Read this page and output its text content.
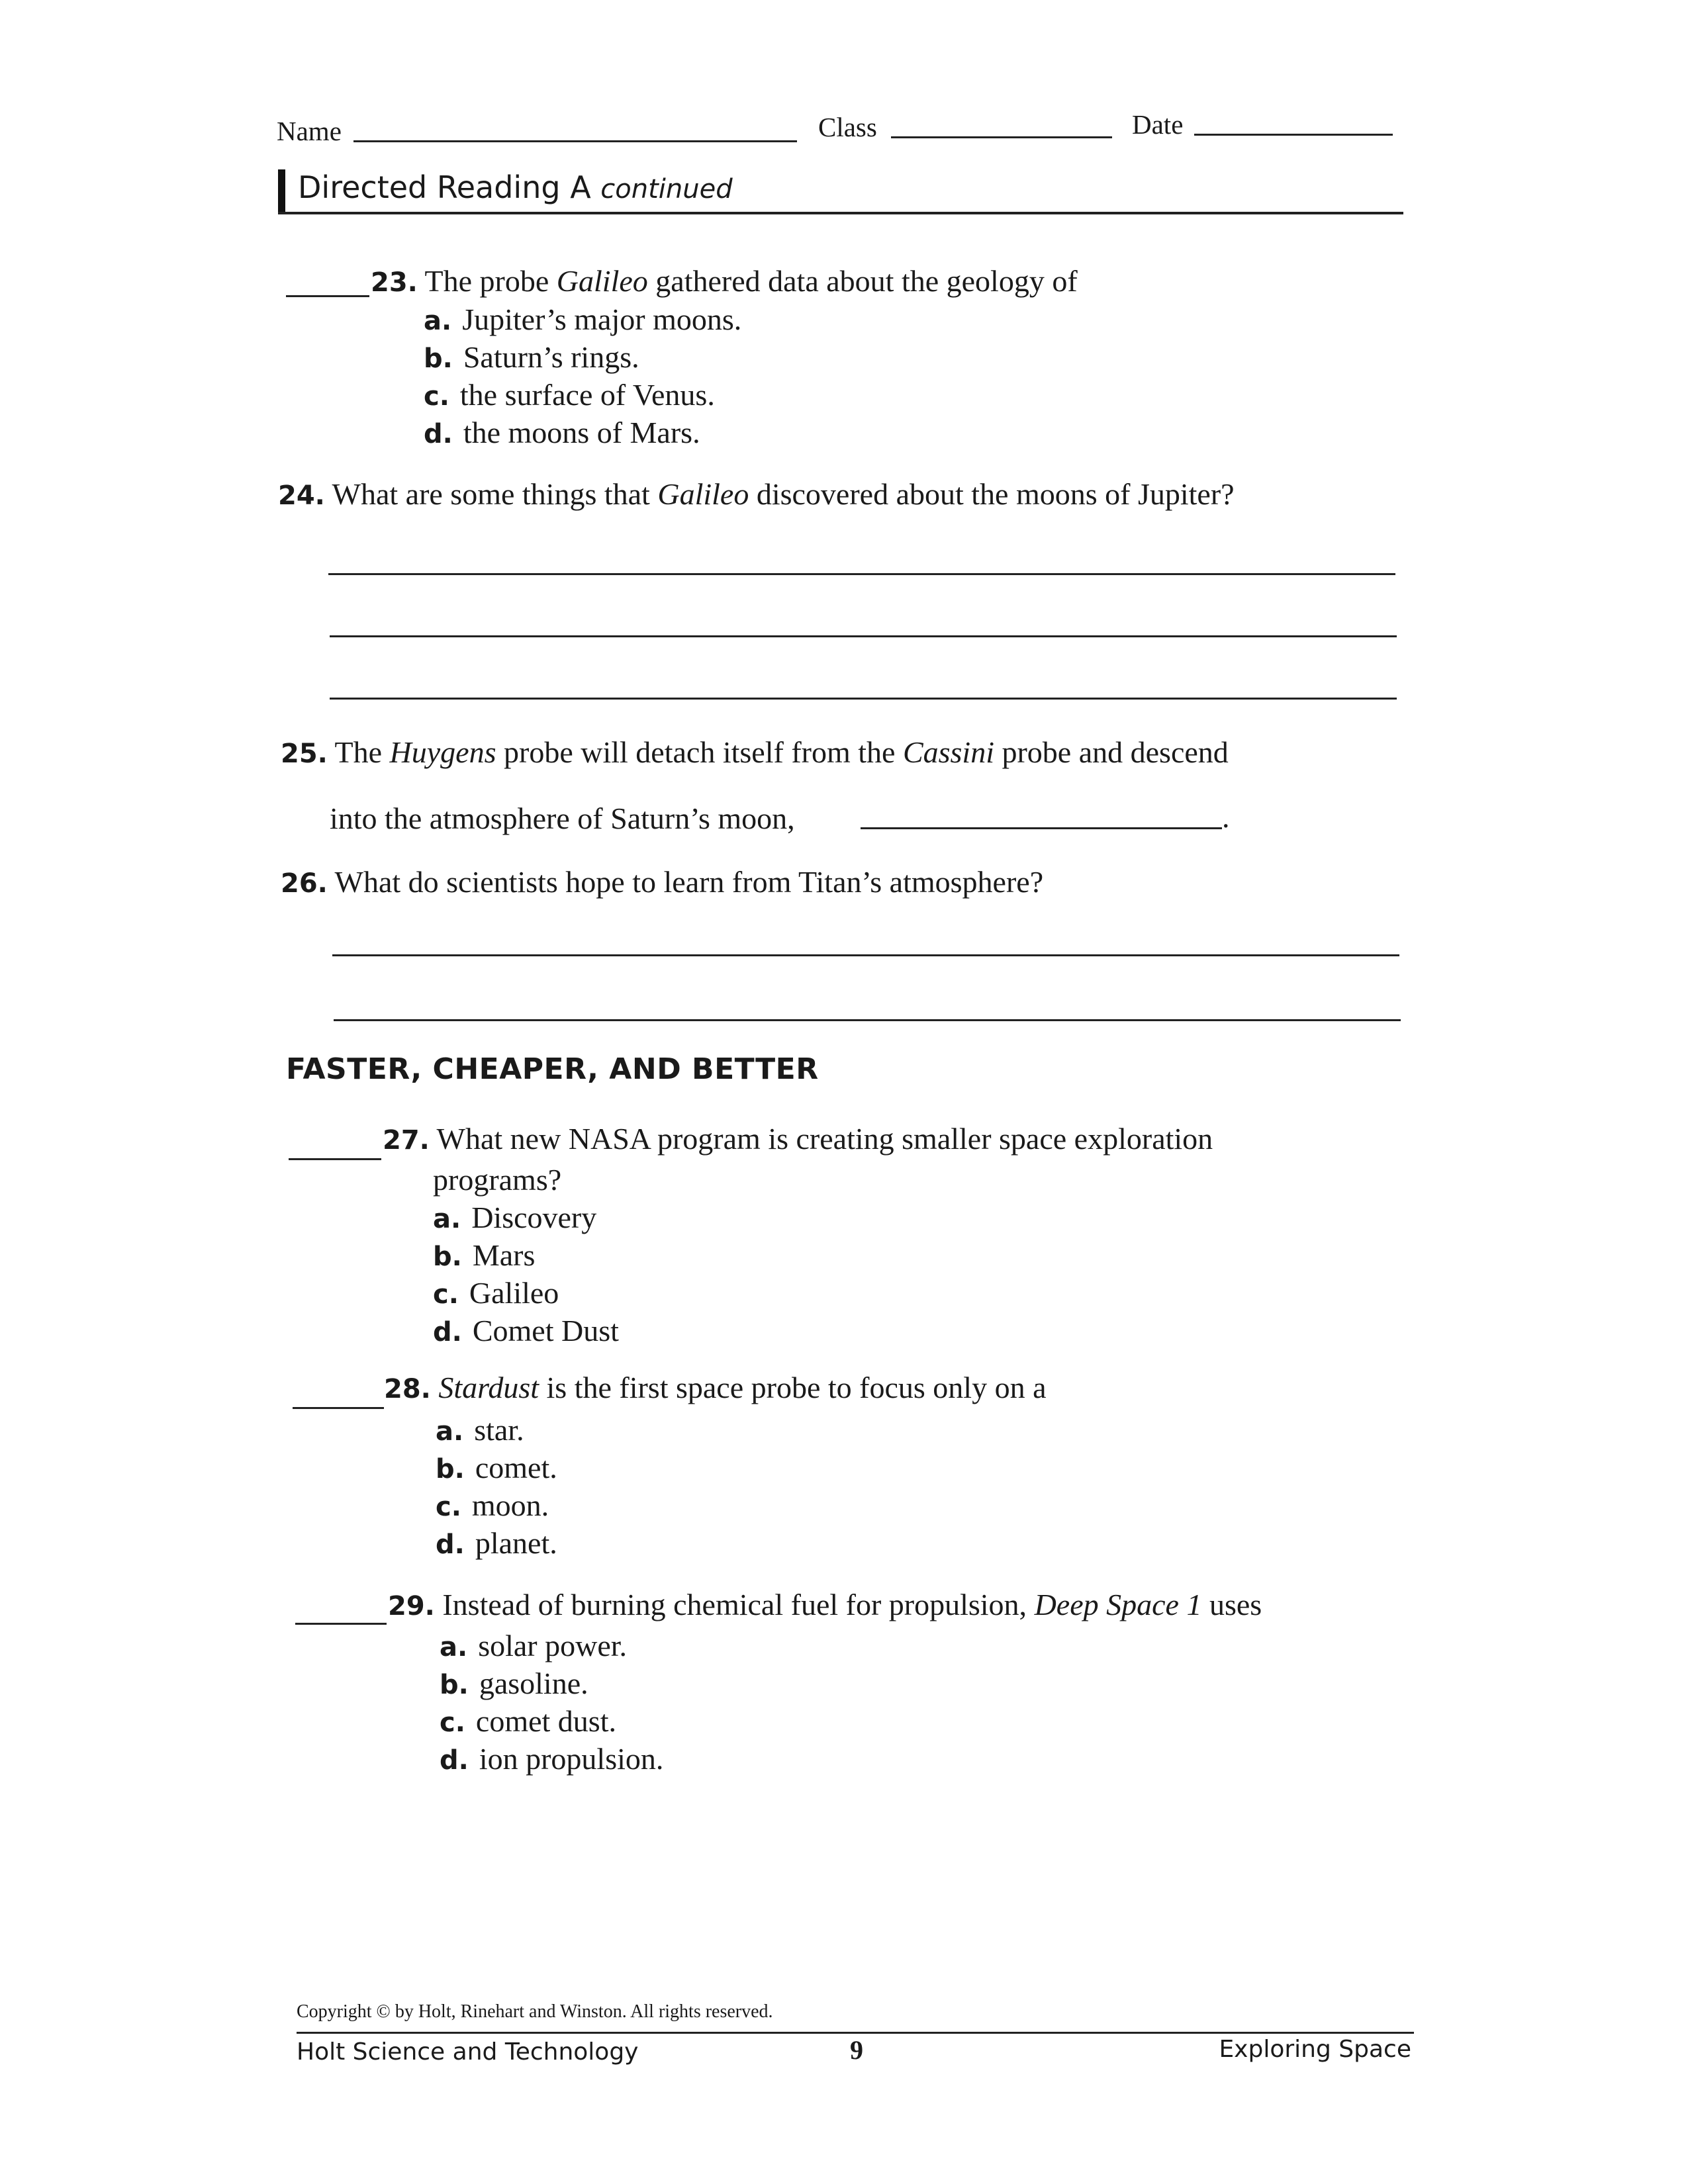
Name	Class	Date
Directed Reading A continued
23. The probe Galileo gathered data about the geology of
a. Jupiter’s major moons.
b. Saturn’s rings.
c. the surface of Venus.
d. the moons of Mars.
24. What are some things that Galileo discovered about the moons of Jupiter?
25. The Huygens probe will detach itself from the Cassini probe and descend
into the atmosphere of Saturn’s moon,	.
26. What do scientists hope to learn from Titan’s atmosphere?
FASTER, CHEAPER, AND BETTER
27. What new NASA program is creating smaller space exploration
programs?
a. Discovery
b. Mars
c. Galileo
d. Comet Dust
28. Stardust is the first space probe to focus only on a
a. star.
b. comet.
c. moon.
d. planet.
29. Instead of burning chemical fuel for propulsion, Deep Space 1 uses
a. solar power.
b. gasoline.
c. comet dust.
d. ion propulsion.
Copyright © by Holt, Rinehart and Winston. All rights reserved.
Holt Science and Technology	9	Exploring Space
